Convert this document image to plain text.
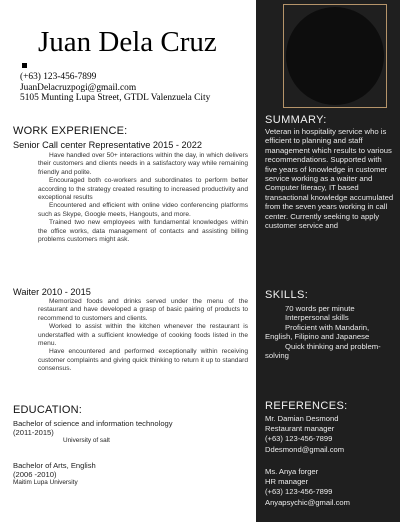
Juan Dela Cruz
(+63) 123-456-7899
JuanDelacruzpogi@gmail.com
5105 Munting Lupa Street, GTDL Valenzuela City
WORK EXPERIENCE:
Senior Call center Representative 2015 - 2022

Have handled over 50+ interactions within the day, in which delivers their customers and clients needs in a satisfactory way while remaining friendly and polite.

Encouraged both co-workers and subordinates to perform better according to the strategy created resulting to increased productivity and exceptional results

Encountered and efficient with online video conferencing platforms such as Skype, Google meets, Hangouts, and more.

Trained two new employees with fundamental knowledges within the office works, data management of contacts and assisting billing problems customers might ask.

Waiter 2010 - 2015

Memorized foods and drinks served under the menu of the restaurant and have developed a grasp of basic pairing of products to recommend to customers and clients.

Worked to assist within the kitchen whenever the restaurant is understaffed with a sufficient knowledge of cooking foods listed in the menu.

Have encountered and performed exceptionally within receiving customer complaints and giving quick thinking to return it up to standard consensus.

EDUCATION:
Bachelor of science and information technology
(2011-2015)
University of salt
Bachelor of Arts, English
(2006 -2010)
Maitim Lupa University
SUMMARY:
Veteran in hospitality service who is efficient to planning and staff management which results to various recommendations. Supported with five years of knowledge in customer service working as a waiter and Computer literacy, IT based transactional knowledge accumulated from the seven years working in call center. Currently seeking to apply customer service and
SKILLS:

70 words per minute

Interpersonal skills

Proficient with Mandarin, English, Filipino and Japanese

Quick thinking and problem- solving

REFERENCES:
Mr. Damian Desmond
Restaurant manager
(+63) 123-456-7899
Ddesmond@gmail.com
Ms. Anya forger
HR manager
(+63) 123-456-7899
Anyapsychic@gmail.com
